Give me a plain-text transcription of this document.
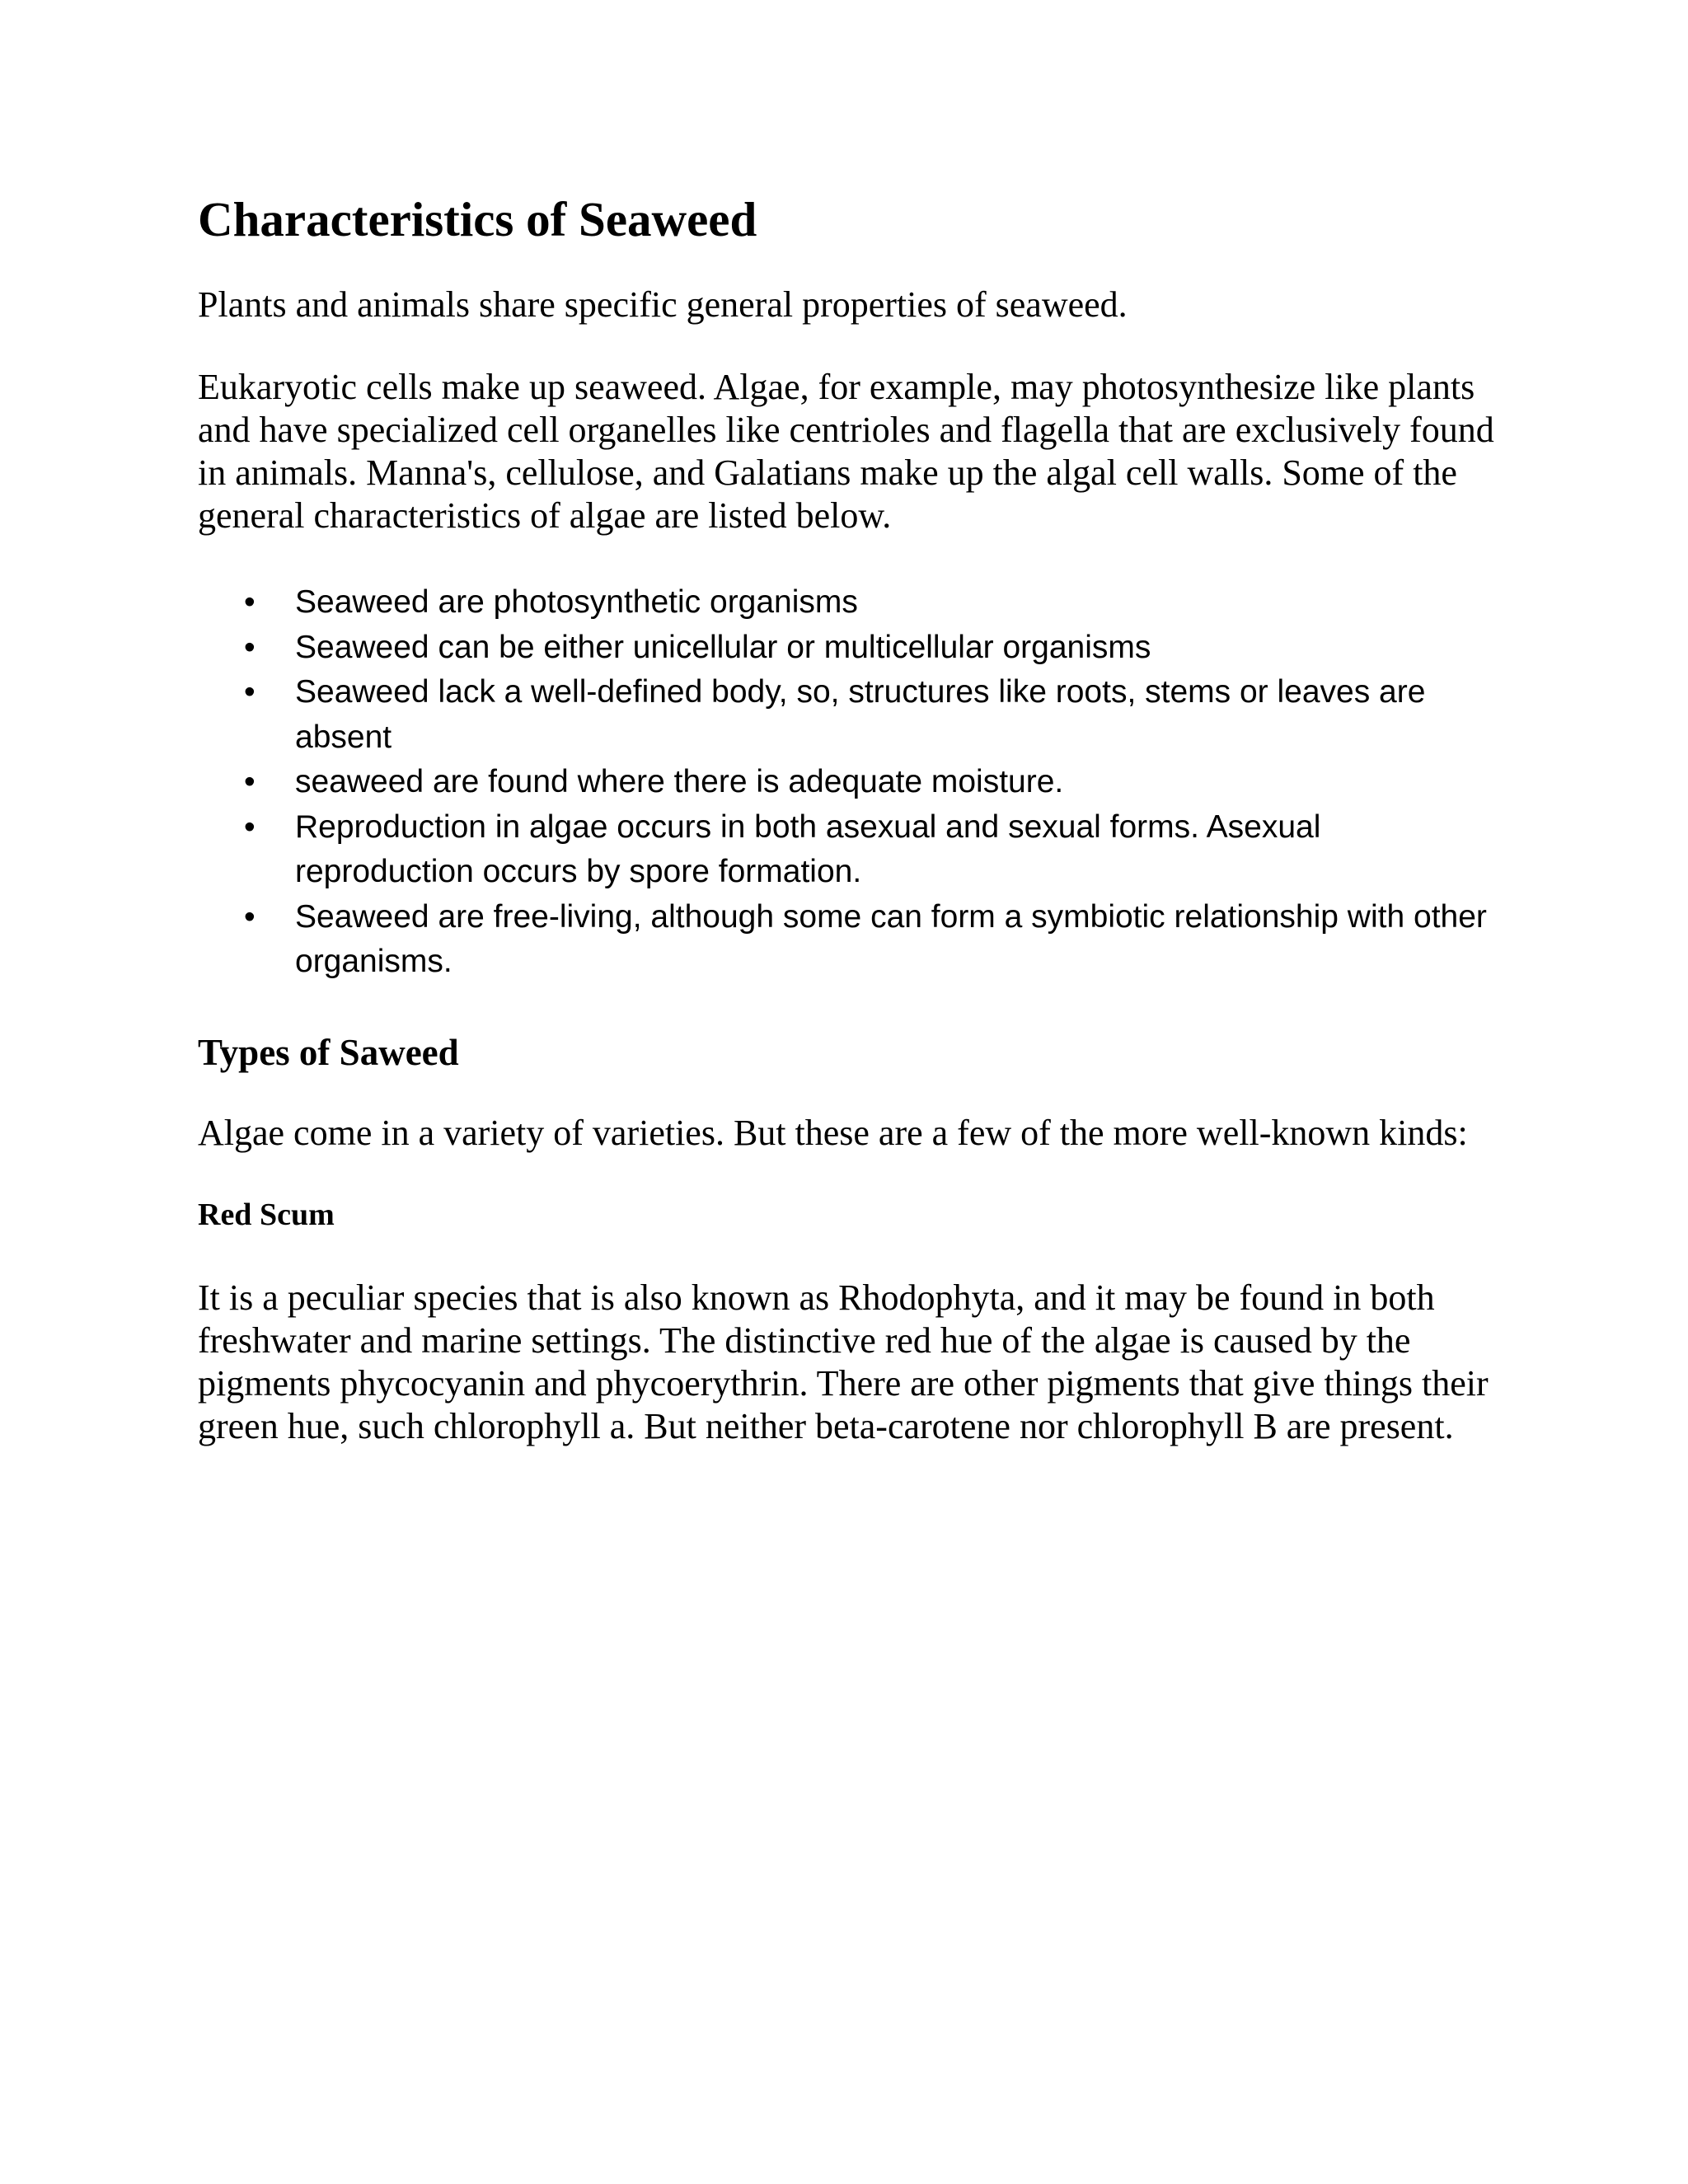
Characteristics of Seaweed

Plants and animals share specific general properties of seaweed.

Eukaryotic cells make up seaweed. Algae, for example, may photosynthesize like plants and have specialized cell organelles like centrioles and flagella that are exclusively found in animals. Manna's, cellulose, and Galatians make up the algal cell walls. Some of the general characteristics of algae are listed below.

• Seaweed are photosynthetic organisms
• Seaweed can be either unicellular or multicellular organisms
• Seaweed lack a well-defined body, so, structures like roots, stems or leaves are absent
• seaweed are found where there is adequate moisture.
• Reproduction in algae occurs in both asexual and sexual forms. Asexual reproduction occurs by spore formation.
• Seaweed are free-living, although some can form a symbiotic relationship with other organisms.
Types of Saweed

Algae come in a variety of varieties. But these are a few of the more well-known kinds:

Red Scum

It is a peculiar species that is also known as Rhodophyta, and it may be found in both freshwater and marine settings. The distinctive red hue of the algae is caused by the pigments phycocyanin and phycoerythrin. There are other pigments that give things their green hue, such chlorophyll a. But neither beta-carotene nor chlorophyll B are present.
